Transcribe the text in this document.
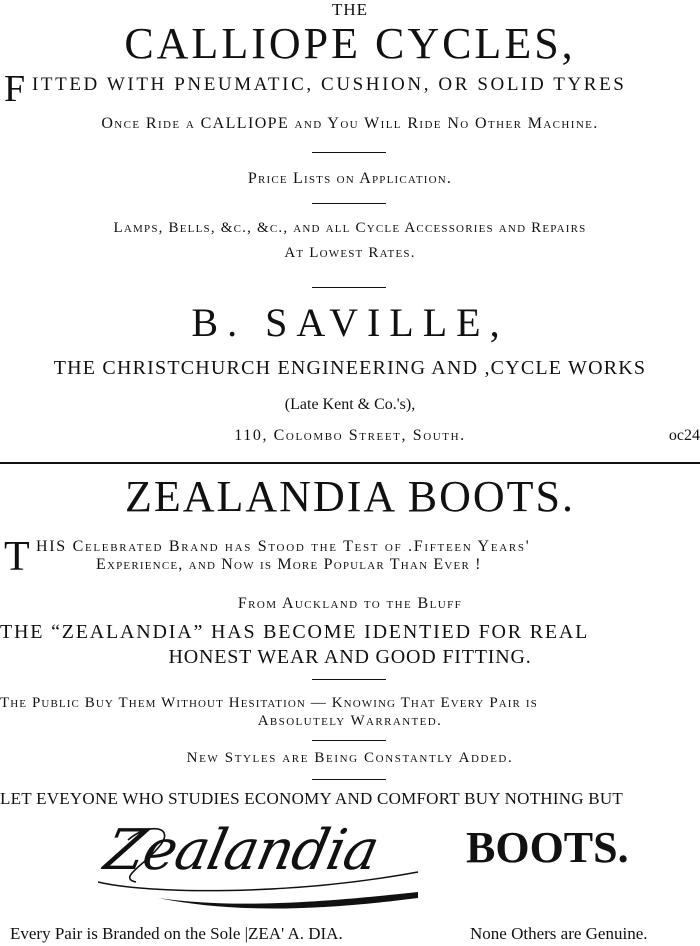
THE
CALLIOPE CYCLES,
F ITTED WITH PNEUMATIC, CUSHION, OR SOLID TYRES
Once Ride a CALLIOPE and You Will Ride No Other Machine.
Price Lists on Application.
Lamps, Bells, &c., &c., and all Cycle Accessories and Repairs
At Lowest Rates.
B. SAVILLE,
THE CHRISTCHURCH ENGINEERING AND ,CYCLE WORKS
(Late Kent & Co.'s),
110, Colombo Street, South.	oc24
ZEALANDIA BOOTS.
T HIS Celebrated Brand has Stood the Test of .Fifteen Years'
Experience, and Now is More Popular Than Ever !
From Auckland to the Bluff
THE “ZEALANDIA” HAS BECOME IDENTIED FOR REAL
HONEST WEAR AND GOOD FITTING.
The Public Buy Them Without Hesitation — Knowing That Every Pair is
Absolutely Warranted.
New Styles are Being Constantly Added.
LET EVEYONE WHO STUDIES ECONOMY AND COMFORT BUY NOTHING BUT
Zealandia BOOTS.
Every Pair is Branded on the Sole |ZEA' A. DIA.	None Others are Genuine.
